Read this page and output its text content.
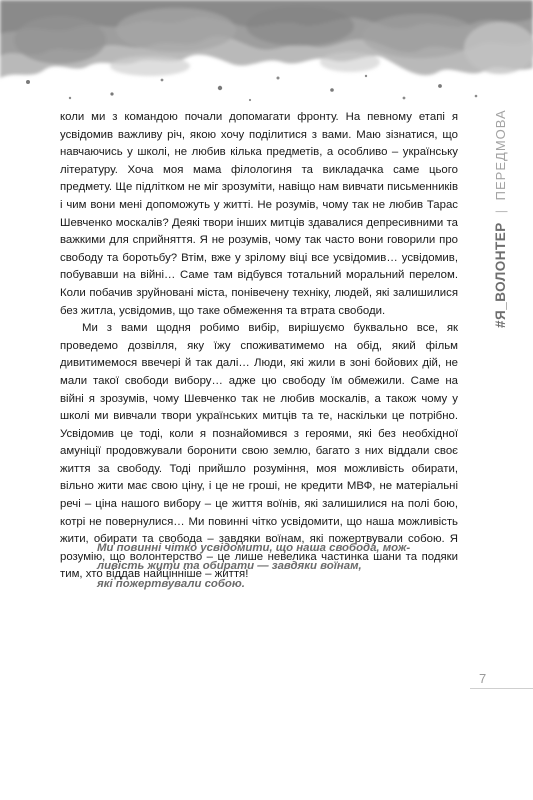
коли ми з командою почали допомагати фронту. На певному етапі я усвідомив важливу річ, якою хочу поділитися з вами. Маю зізнатися, що навчаючись у школі, не любив кілька предметів, а особливо – українську літературу. Хоча моя мама філологиня та викладачка саме цього предмету. Ще підлітком не міг зрозуміти, навіщо нам вивчати письменників і чим вони мені допоможуть у житті. Не розумів, чому так не любив Тарас Шевченко москалів? Деякі твори інших митців здавалися депресивними та важкими для сприйняття. Я не розумів, чому так часто вони говорили про свободу та боротьбу? Втім, вже у зрілому віці все усвідомив… усвідомив, побувавши на війні… Саме там відбувся тотальний моральний перелом. Коли побачив зруйновані міста, понівечену техніку, людей, які залишилися без житла, усвідомив, що таке обмеження та втрата свободи.

Ми з вами щодня робимо вибір, вирішуємо буквально все, як проведемо дозвілля, яку їжу споживатимемо на обід, який фільм дивитимемося ввечері й так далі… Люди, які жили в зоні бойових дій, не мали такої свободи вибору… адже цю свободу їм обмежили. Саме на війні я зрозумів, чому Шевченко так не любив москалів, а також чому у школі ми вивчали твори українських митців та те, наскільки це потрібно. Усвідомив це тоді, коли я познайомився з героями, які без необхідної амуніції продовжували боронити свою землю, багато з них віддали своє життя за свободу. Тоді прийшло розуміння, моя можливість обирати, вільно жити має свою ціну, і це не гроші, не кредити МВФ, не матеріальні речі – ціна нашого вибору – це життя воїнів, які залишилися на полі бою, котрі не повернулися… Ми повинні чітко усвідомити, що наша можливість жити, обирати та свобода – завдяки воїнам, які пожертвували собою. Я розумію, що волонтерство – це лише невелика частинка шани та подяки тим, хто віддав найцінніше – життя!

Ми повинні чітко усвідомити, що наша свобода, мож-
ливість жити та обирати — завдяки воїнам,
які пожертвували собою.
#Я_ВОЛОНТЕР
|
ПЕРЕДМОВА
7
